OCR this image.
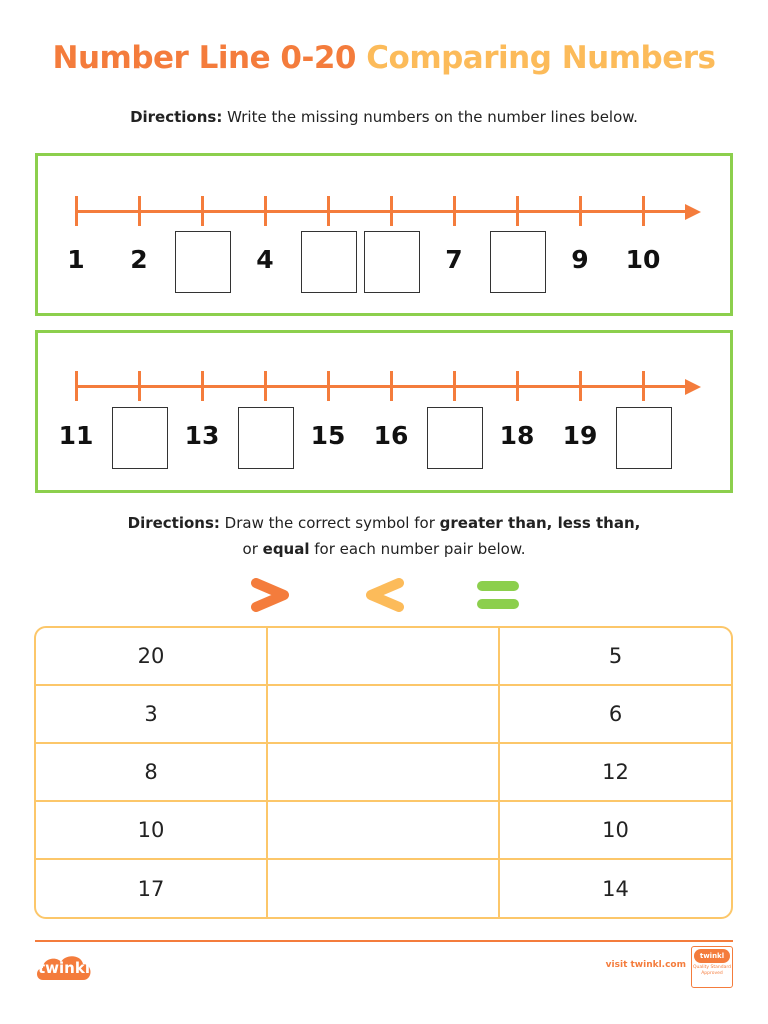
Number Line 0-20 Comparing Numbers
Directions: Write the missing numbers on the number lines below.
1	2	4	7	9	10
11	13	15	16	18	19
Directions: Draw the correct symbol for greater than, less than, or equal for each number pair below.
20	5
3	6
8	12
10	10
17	14
twinkl	visit twinkl.com
twinkl
Quality Standard Approved
